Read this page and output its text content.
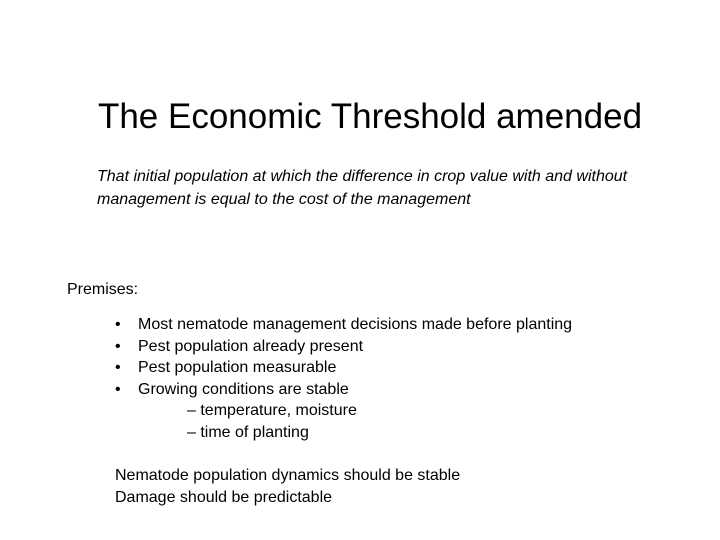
The Economic Threshold amended
That initial population at which the difference in crop value with and without management is equal to the cost of the management
Premises:
•	Most nematode management decisions made before planting
•	Pest population already present
•	Pest population measurable
•	Growing conditions are stable
– temperature, moisture
– time of planting
Nematode population dynamics should be stable
Damage should be predictable
